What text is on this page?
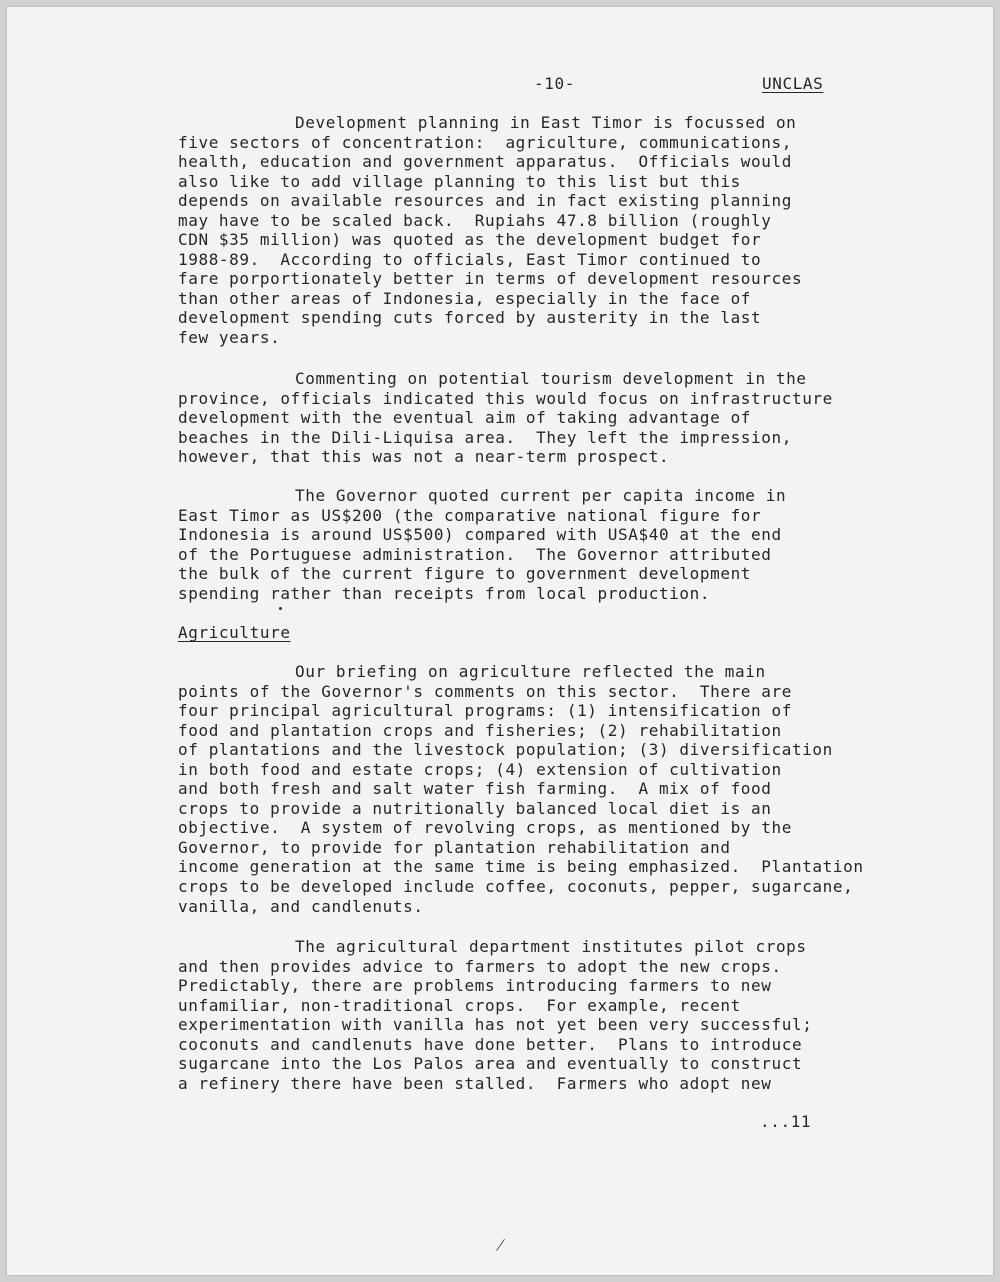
-10-	UNCLAS
Development planning in East Timor is focussed on
five sectors of concentration:  agriculture, communications,
health, education and government apparatus.  Officials would
also like to add village planning to this list but this
depends on available resources and in fact existing planning
may have to be scaled back.  Rupiahs 47.8 billion (roughly
CDN $35 million) was quoted as the development budget for
1988-89.  According to officials, East Timor continued to
fare porportionately better in terms of development resources
than other areas of Indonesia, especially in the face of
development spending cuts forced by austerity in the last
few years.
Commenting on potential tourism development in the
province, officials indicated this would focus on infrastructure
development with the eventual aim of taking advantage of
beaches in the Dili-Liquisa area.  They left the impression,
however, that this was not a near-term prospect.
The Governor quoted current per capita income in
East Timor as US$200 (the comparative national figure for
Indonesia is around US$500) compared with USA$40 at the end
of the Portuguese administration.  The Governor attributed
the bulk of the current figure to government development
spending rather than receipts from local production.
Agriculture
Our briefing on agriculture reflected the main
points of the Governor's comments on this sector.  There are
four principal agricultural programs: (1) intensification of
food and plantation crops and fisheries; (2) rehabilitation
of plantations and the livestock population; (3) diversification
in both food and estate crops; (4) extension of cultivation
and both fresh and salt water fish farming.  A mix of food
crops to provide a nutritionally balanced local diet is an
objective.  A system of revolving crops, as mentioned by the
Governor, to provide for plantation rehabilitation and
income generation at the same time is being emphasized.  Plantation
crops to be developed include coffee, coconuts, pepper, sugarcane,
vanilla, and candlenuts.
The agricultural department institutes pilot crops
and then provides advice to farmers to adopt the new crops.
Predictably, there are problems introducing farmers to new
unfamiliar, non-traditional crops.  For example, recent
experimentation with vanilla has not yet been very successful;
coconuts and candlenuts have done better.  Plans to introduce
sugarcane into the Los Palos area and eventually to construct
a refinery there have been stalled.  Farmers who adopt new
...11
